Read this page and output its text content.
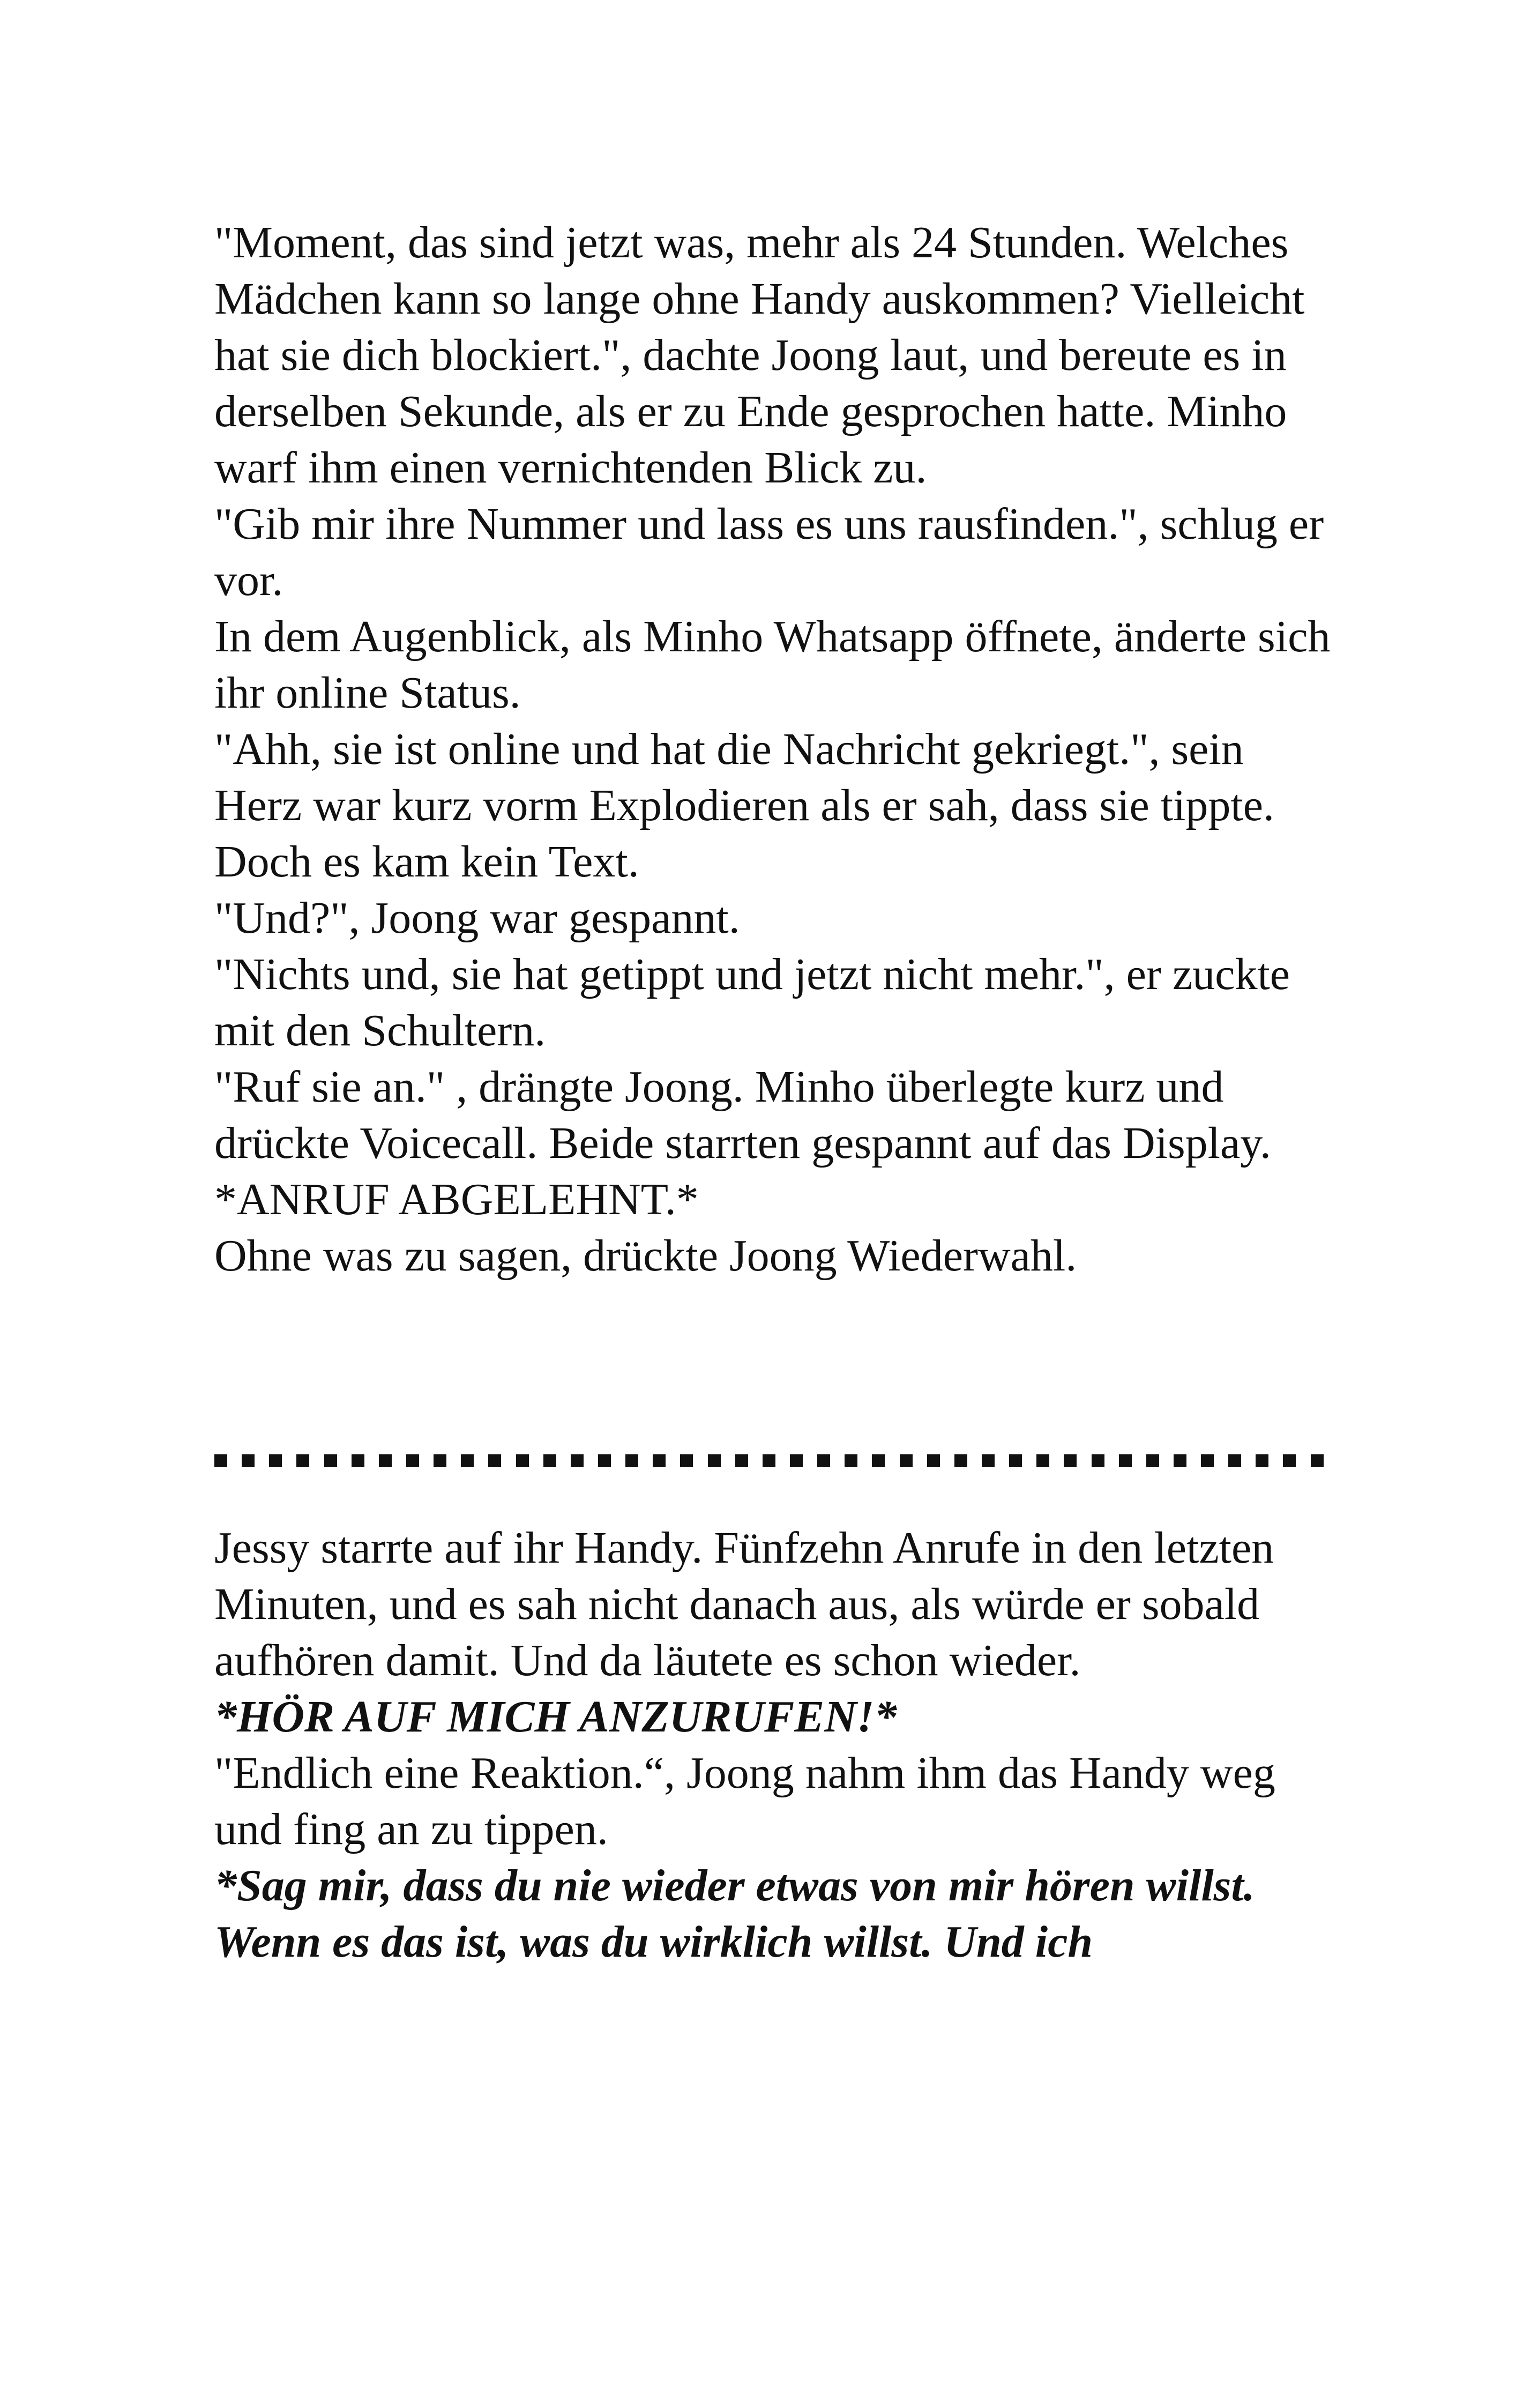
"Moment, das sind jetzt was, mehr als 24 Stunden. Welches Mädchen kann so lange ohne Handy auskommen? Vielleicht hat sie dich blockiert.", dachte Joong laut, und bereute es in derselben Sekunde, als er zu Ende gesprochen hatte. Minho warf ihm einen vernichtenden Blick zu.

"Gib mir ihre Nummer und lass es uns rausfinden.", schlug er vor.

In dem Augenblick, als Minho Whatsapp öffnete, änderte sich ihr online Status.

"Ahh, sie ist online und hat die Nachricht gekriegt.", sein Herz war kurz vorm Explodieren als er sah, dass sie tippte. Doch es kam kein Text.

"Und?", Joong war gespannt.

"Nichts und, sie hat getippt und jetzt nicht mehr.", er zuckte mit den Schultern.

"Ruf sie an." , drängte Joong. Minho überlegte kurz und drückte Voicecall. Beide starrten gespannt auf das Display.

*ANRUF ABGELEHNT.*

Ohne was zu sagen, drückte Joong Wiederwahl.

Jessy starrte auf ihr Handy. Fünfzehn Anrufe in den letzten Minuten, und es sah nicht danach aus, als würde er sobald aufhören damit. Und da läutete es schon wieder.

*HÖR AUF MICH ANZURUFEN!*

"Endlich eine Reaktion.“, Joong nahm ihm das Handy weg und fing an zu tippen.

*Sag mir, dass du nie wieder etwas von mir hören willst. Wenn es das ist, was du wirklich willst. Und ich
